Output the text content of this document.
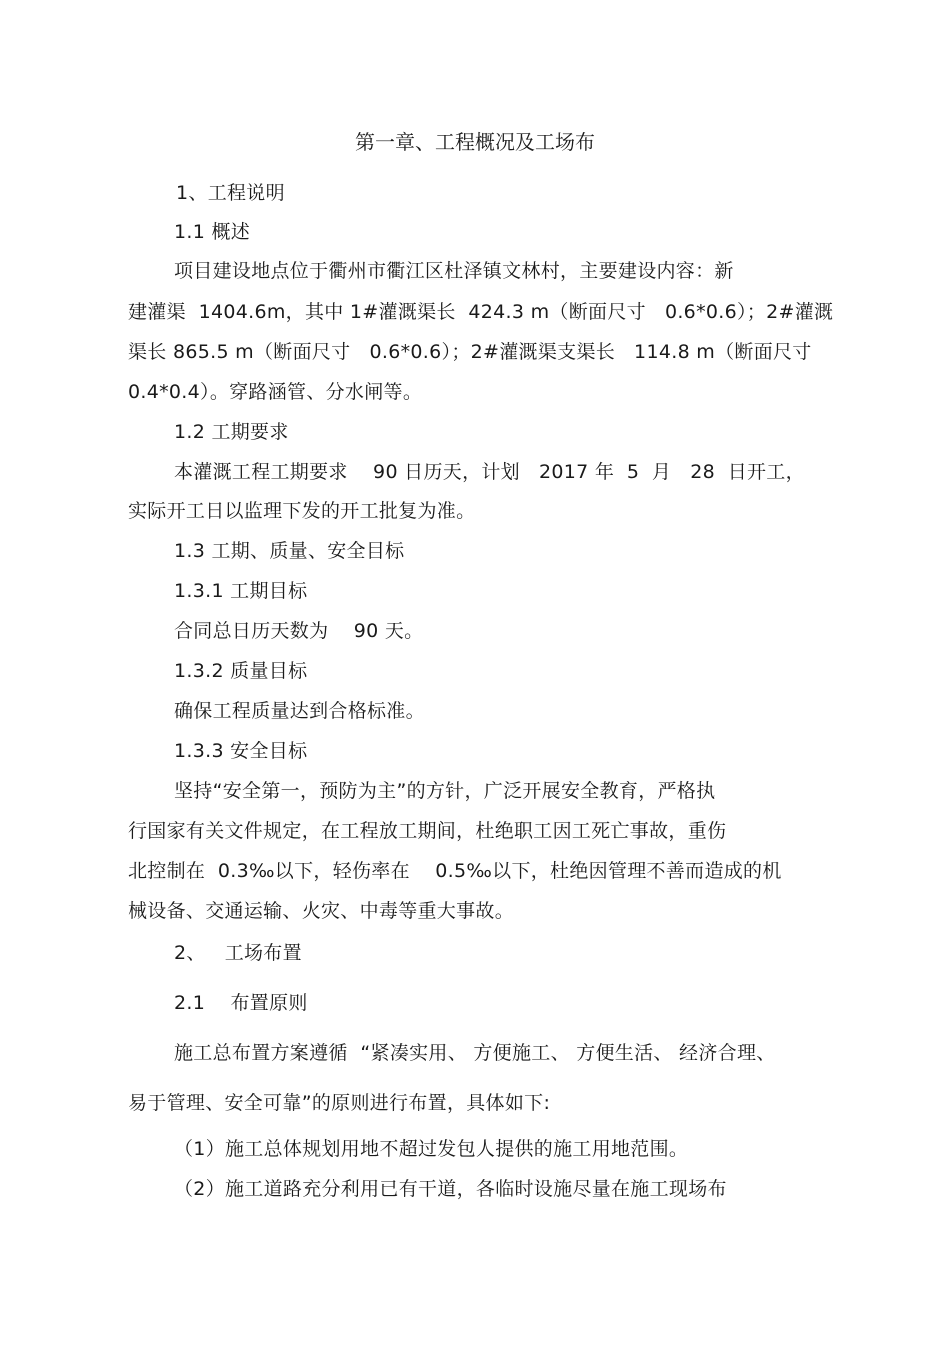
第一章、工程概况及工场布
1、工程说明
1.1 概述
项目建设地点位于衢州市衢江区杜泽镇文林村，主要建设内容：新
建灌渠  1404.6m，其中 1#灌溉渠长  424.3 m（断面尺寸   0.6*0.6）；2#灌溉
渠长 865.5 m（断面尺寸   0.6*0.6）；2#灌溉渠支渠长   114.8 m（断面尺寸
0.4*0.4）。穿路涵管、分水闸等。
1.2 工期要求
本灌溉工程工期要求    90 日历天，计划   2017 年  5  月   28  日开工，
实际开工日以监理下发的开工批复为准。
1.3 工期、质量、安全目标
1.3.1 工期目标
合同总日历天数为    90 天。
1.3.2 质量目标
确保工程质量达到合格标准。
1.3.3 安全目标
坚持“安全第一，预防为主”的方针，广泛开展安全教育，严格执
行国家有关文件规定，在工程放工期间，杜绝职工因工死亡事故，重伤
北控制在  0.3‰以下，轻伤率在    0.5‰以下，杜绝因管理不善而造成的机
械设备、交通运输、火灾、中毒等重大事故。
2、   工场布置
2.1    布置原则
施工总布置方案遵循  “紧凑实用、 方便施工、 方便生活、 经济合理、
易于管理、安全可靠”的原则进行布置，具体如下:
（1）施工总体规划用地不超过发包人提供的施工用地范围。
（2）施工道路充分利用已有干道，各临时设施尽量在施工现场布
